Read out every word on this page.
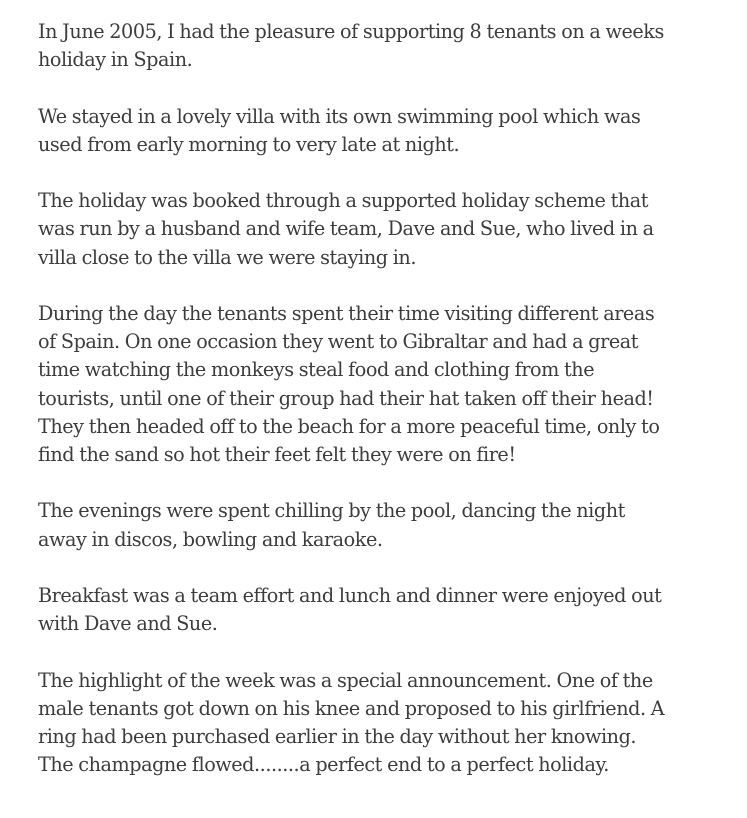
In June 2005, I had the pleasure of supporting 8 tenants on a weeks
holiday in Spain.

We stayed in a lovely villa with its own swimming pool which was
used from early morning to very late at night.

The holiday was booked through a supported holiday scheme that
was run by a husband and wife team, Dave and Sue, who lived in a
villa close to the villa we were staying in.

During the day the tenants spent their time visiting different areas
of Spain. On one occasion they went to Gibraltar and had a great
time watching the monkeys steal food and clothing from the
tourists, until one of their group had their hat taken off their head!
They then headed off to the beach for a more peaceful time, only to
find the sand so hot their feet felt they were on fire!

The evenings were spent chilling by the pool, dancing the night
away in discos, bowling and karaoke.

Breakfast was a team effort and lunch and dinner were enjoyed out
with Dave and Sue.

The highlight of the week was a special announcement. One of the
male tenants got down on his knee and proposed to his girlfriend. A
ring had been purchased earlier in the day without her knowing.
The champagne flowed........a perfect end to a perfect holiday.
